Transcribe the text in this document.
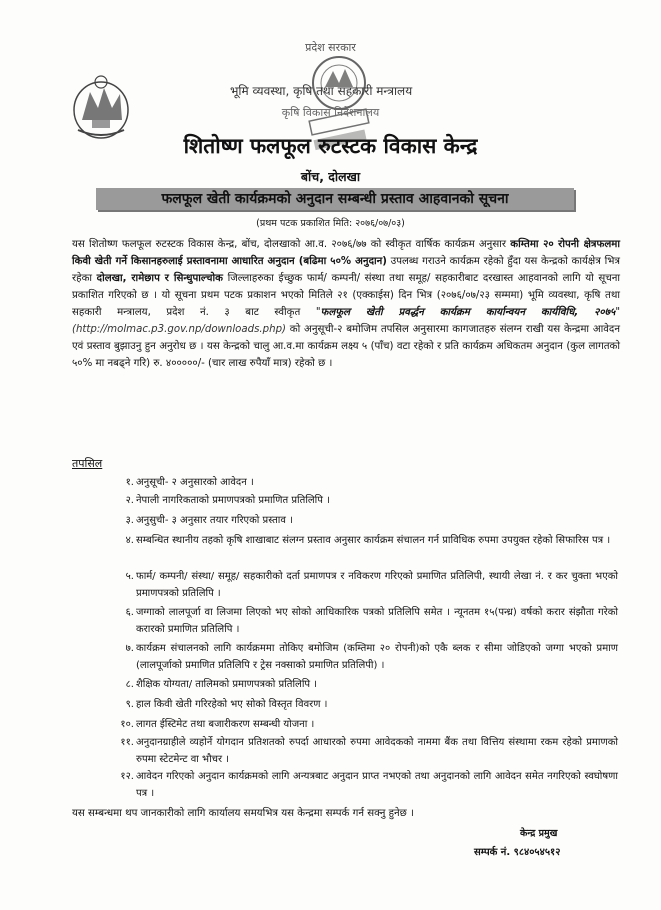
प्रदेश सरकार
भूमि व्यवस्था, कृषि तथा सहकारी मन्त्रालय
कृषि विकास निर्देशनालय
शितोष्ण फलफूल रुटस्टक विकास केन्द्र
बोंच, दोलखा
फलफूल खेती कार्यक्रमको अनुदान सम्बन्धी प्रस्ताव आहवानको सूचना
(प्रथम पटक प्रकाशित मिति: २०७६/०७/०३)
यस शितोष्ण फलफूल रुटस्टक विकास केन्द्र, बोंच, दोलखाको आ.व. २०७६/७७ को स्वीकृत वार्षिक कार्यक्रम अनुसार कम्तिमा २० रोपनी क्षेत्रफलमा किवी खेती गर्ने किसानहरुलाई प्रस्तावनामा आधारित अनुदान (बढिमा ५०% अनुदान) उपलब्ध गराउने कार्यक्रम रहेको हुँदा यस केन्द्रको कार्यक्षेत्र भित्र रहेका दोलखा, रामेछाप र सिन्धुपाल्चोक जिल्लाहरुका ईच्छुक फार्म/ कम्पनी/ संस्था तथा समूह/ सहकारीबाट दरखास्त आहवानको लागि यो सूचना प्रकाशित गरिएको छ । यो सूचना प्रथम पटक प्रकाशन भएको मितिले २१ (एक्काईस) दिन भित्र (२०७६/०७/२३ सम्ममा) भूमि व्यवस्था, कृषि तथा सहकारी मन्त्रालय, प्रदेश नं. ३ बाट स्वीकृत "फलफूल खेती प्रवर्द्धन कार्यक्रम कार्यान्वयन कार्यविधि, २०७५"(http://molmac.p3.gov.np/downloads.php) को अनुसूची-२ बमोजिम तपसिल अनुसारमा कागजातहरु संलग्न राखी यस केन्द्रमा आवेदन एवं प्रस्ताव बुझाउनु हुन अनुरोध छ । यस केन्द्रको चालु आ.व.मा कार्यक्रम लक्ष्य ५ (पाँच) वटा रहेको र प्रति कार्यक्रम अधिकतम अनुदान (कुल लागतको ५०% मा नबढ्ने गरि) रु. ४०००००/- (चार लाख रुपैयाँ मात्र) रहेको छ ।
तपसिल
१. अनुसूची- २ अनुसारको आवेदन ।
२. नेपाली नागरिकताको प्रमाणपत्रको प्रमाणित प्रतिलिपि ।
३. अनुसुची- ३ अनुसार तयार गरिएको प्रस्ताव ।
४. सम्बन्धित स्थानीय तहको कृषि शाखाबाट संलग्न प्रस्ताव अनुसार कार्यक्रम संचालन गर्न प्राविधिक रुपमा उपयुक्त रहेको सिफारिस पत्र ।
५. फार्म/ कम्पनी/ संस्था/ समूह/ सहकारीको दर्ता प्रमाणपत्र र नविकरण गरिएको प्रमाणित प्रतिलिपी, स्थायी लेखा नं. र कर चुक्ता भएको प्रमाणपत्रको प्रतिलिपि ।
६. जग्गाको लालपूर्जा वा लिजमा लिएको भए सोको आधिकारिक पत्रको प्रतिलिपि समेत । न्यूनतम १५(पन्ध्र) वर्षको करार संझौता गरेको करारको प्रमाणित प्रतिलिपि ।
७. कार्यक्रम संचालनको लागि कार्यक्रममा तोकिए बमोजिम (कम्तिमा २० रोपनी)को एकै ब्लक र सीमा जोडिएको जग्गा भएको प्रमाण (लालपूर्जाको प्रमाणित प्रतिलिपि र ट्रेस नक्साको प्रमाणित प्रतिलिपी) ।
८. शैक्षिक योग्यता/ तालिमको प्रमाणपत्रको प्रतिलिपि ।
९. हाल किवी खेती गरिरहेको भए सोको विस्तृत विवरण ।
१०. लागत ईस्टिमेट तथा बजारीकरण सम्बन्धी योजना ।
११. अनुदानग्राहीले व्यहोर्ने योगदान प्रतिशतको रुपर्दा आधारको रुपमा आवेदकको नाममा बैंक तथा वित्तिय संस्थामा रकम रहेको प्रमाणको रुपमा स्टेटमेन्ट वा भौचर ।
१२. आवेदन गरिएको अनुदान कार्यक्रमको लागि अन्यत्रबाट अनुदान प्राप्त नभएको तथा अनुदानको लागि आवेदन समेत नगरिएको स्वघोषणा पत्र ।
यस सम्बन्धमा थप जानकारीको लागि कार्यालय समयभित्र यस केन्द्रमा सम्पर्क गर्न सक्नु हुनेछ ।
केन्द्र प्रमुख
सम्पर्क नं. ९८४०५४५१२
